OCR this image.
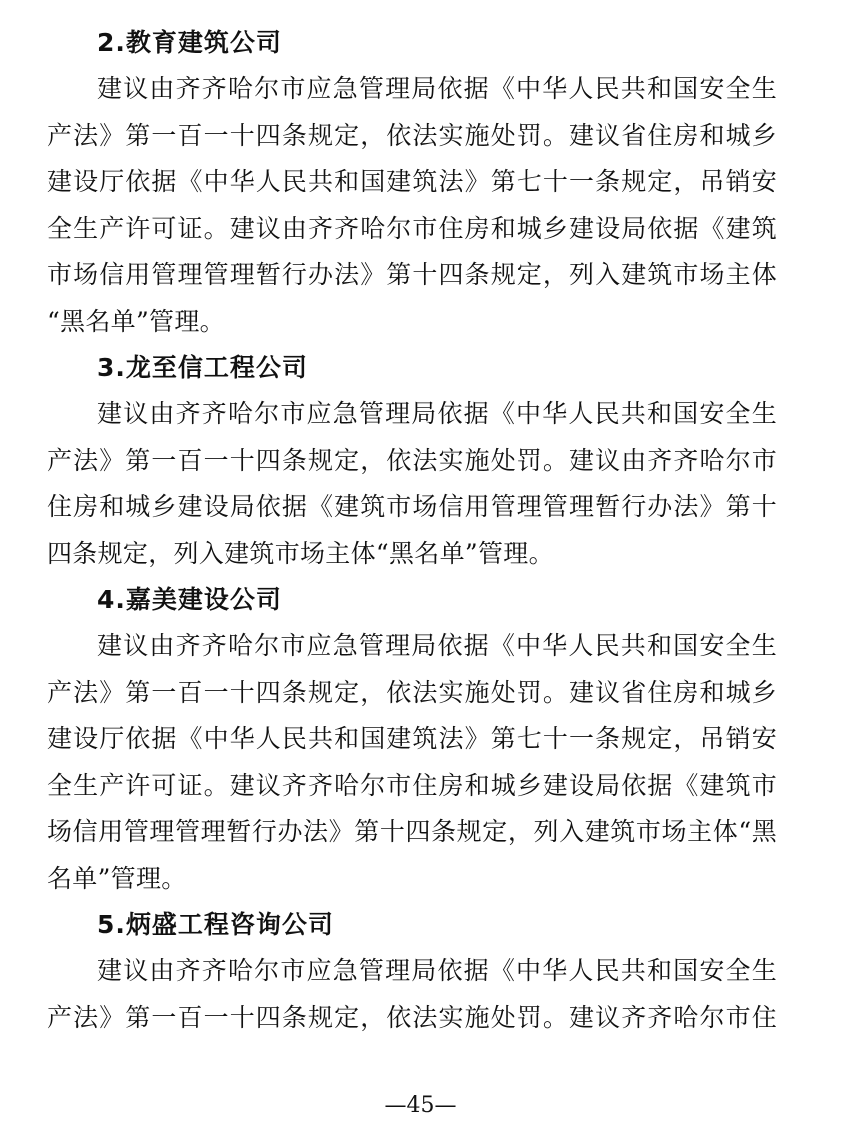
2.教育建筑公司

建议由齐齐哈尔市应急管理局依据《中华人民共和国安全生
产法》第一百一十四条规定，依法实施处罚。建议省住房和城乡
建设厅依据《中华人民共和国建筑法》第七十一条规定，吊销安
全生产许可证。建议由齐齐哈尔市住房和城乡建设局依据《建筑
市场信用管理管理暂行办法》第十四条规定，列入建筑市场主体
“黑名单”管理。

3.龙至信工程公司

建议由齐齐哈尔市应急管理局依据《中华人民共和国安全生
产法》第一百一十四条规定，依法实施处罚。建议由齐齐哈尔市
住房和城乡建设局依据《建筑市场信用管理管理暂行办法》第十
四条规定，列入建筑市场主体“黑名单”管理。

4.嘉美建设公司

建议由齐齐哈尔市应急管理局依据《中华人民共和国安全生
产法》第一百一十四条规定，依法实施处罚。建议省住房和城乡
建设厅依据《中华人民共和国建筑法》第七十一条规定，吊销安
全生产许可证。建议齐齐哈尔市住房和城乡建设局依据《建筑市
场信用管理管理暂行办法》第十四条规定，列入建筑市场主体“黑
名单”管理。

5.炳盛工程咨询公司

建议由齐齐哈尔市应急管理局依据《中华人民共和国安全生
产法》第一百一十四条规定，依法实施处罚。建议齐齐哈尔市住

—45—
